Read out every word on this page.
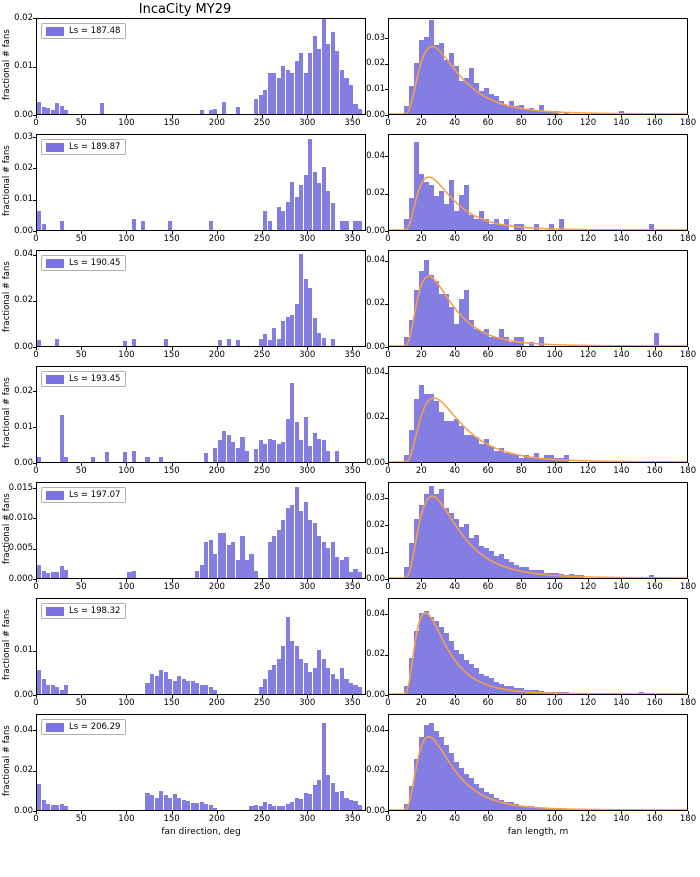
IncaCity MY29
0.00
0.01
0.02
0	50	100	150	200	250	300	350
fractional # fans	Ls = 187.48
0.00
0.01
0.02
0.03
0	20	40	60	80	100	120	140	160	180
0.00
0.01
0.02
0.03
0	50	100	150	200	250	300	350
fractional # fans	Ls = 189.87
0.00
0.02
0.04
0	20	40	60	80	100	120	140	160	180
0.00
0.02
0.04
0	50	100	150	200	250	300	350
fractional # fans	Ls = 190.45
0.00
0.02
0.04
0	20	40	60	80	100	120	140	160	180
0.00
0.01
0.02
0	50	100	150	200	250	300	350
fractional # fans	Ls = 193.45
0.00
0.02
0.04
0	20	40	60	80	100	120	140	160	180
0.000
0.005
0.010
0.015
0	50	100	150	200	250	300	350
fractional # fans	Ls = 197.07
0.00
0.01
0.02
0.03
0	20	40	60	80	100	120	140	160	180
0.00
0.01
0	50	100	150	200	250	300	350
fractional # fans	Ls = 198.32
0.00
0.02
0.04
0	20	40	60	80	100	120	140	160	180
0.00
0.02
0.04
0	50	100	150	200	250	300	350
fractional # fans	Ls = 206.29
fan direction, deg
0.00
0.02
0.04
0	20	40	60	80	100	120	140	160	180
fan length, m
